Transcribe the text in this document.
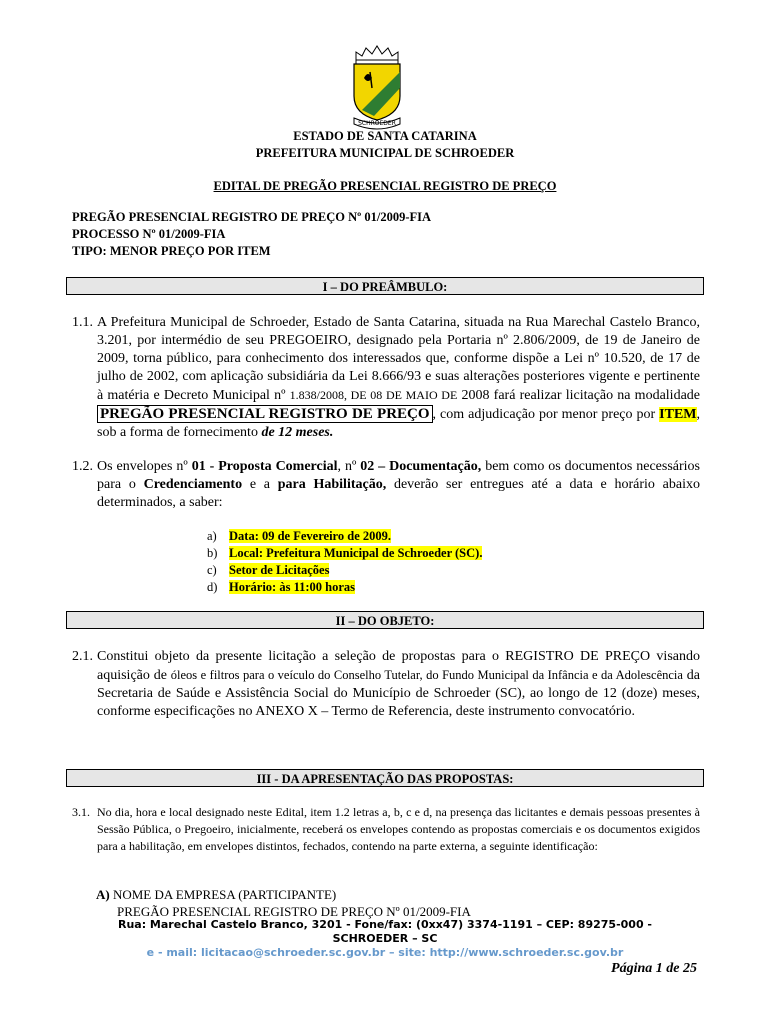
SCHROEDER
ESTADO DE SANTA CATARINA
PREFEITURA MUNICIPAL DE SCHROEDER
EDITAL DE PREGÃO PRESENCIAL REGISTRO DE PREÇO
PREGÃO PRESENCIAL REGISTRO DE PREÇO Nº 01/2009-FIA
PROCESSO Nº 01/2009-FIA
TIPO: MENOR PREÇO POR ITEM
I – DO PREÂMBULO:
1.1. A Prefeitura Municipal de Schroeder, Estado de Santa Catarina, situada na Rua Marechal Castelo Branco, 3.201, por intermédio de seu PREGOEIRO, designado pela Portaria nº 2.806/2009, de 19 de Janeiro de 2009, torna público, para conhecimento dos interessados que, conforme dispõe a Lei nº 10.520, de 17 de julho de 2002, com aplicação subsidiária da Lei 8.666/93 e suas alterações posteriores vigente e pertinente à matéria e Decreto Municipal nº 1.838/2008, DE 08 DE MAIO DE 2008 fará realizar licitação na modalidade PREGÃO PRESENCIAL REGISTRO DE PREÇO , com adjudicação por menor preço por ITEM, sob a forma de fornecimento de 12 meses.
1.2. Os envelopes nº 01 - Proposta Comercial, nº 02 – Documentação, bem como os documentos necessários para o Credenciamento e a para Habilitação, deverão ser entregues até a data e horário abaixo determinados, a saber:
a) Data: 09 de Fevereiro de 2009.
b) Local: Prefeitura Municipal de Schroeder (SC).
c) Setor de Licitações
d) Horário: às 11:00 horas
II – DO OBJETO:
2.1. Constitui objeto da presente licitação a seleção de propostas para o REGISTRO DE PREÇO visando aquisição de óleos e filtros para o veículo do Conselho Tutelar, do Fundo Municipal da Infância e da Adolescência da Secretaria de Saúde e Assistência Social do Município de Schroeder (SC), ao longo de 12 (doze) meses, conforme especificações no ANEXO X – Termo de Referencia, deste instrumento convocatório.
III - DA APRESENTAÇÃO DAS PROPOSTAS:
3.1. No dia, hora e local designado neste Edital, item 1.2 letras a, b, c e d, na presença das licitantes e demais pessoas presentes à Sessão Pública, o Pregoeiro, inicialmente, receberá os envelopes contendo as propostas comerciais e os documentos exigidos para a habilitação, em envelopes distintos, fechados, contendo na parte externa, a seguinte identificação:
A) NOME DA EMPRESA (PARTICIPANTE)
PREGÃO PRESENCIAL REGISTRO DE PREÇO Nº 01/2009-FIA
Rua: Marechal Castelo Branco, 3201 - Fone/fax: (0xx47) 3374-1191 – CEP: 89275-000 -
SCHROEDER – SC
e - mail: licitacao@schroeder.sc.gov.br – site: http://www.schroeder.sc.gov.br
Página 1 de 25
